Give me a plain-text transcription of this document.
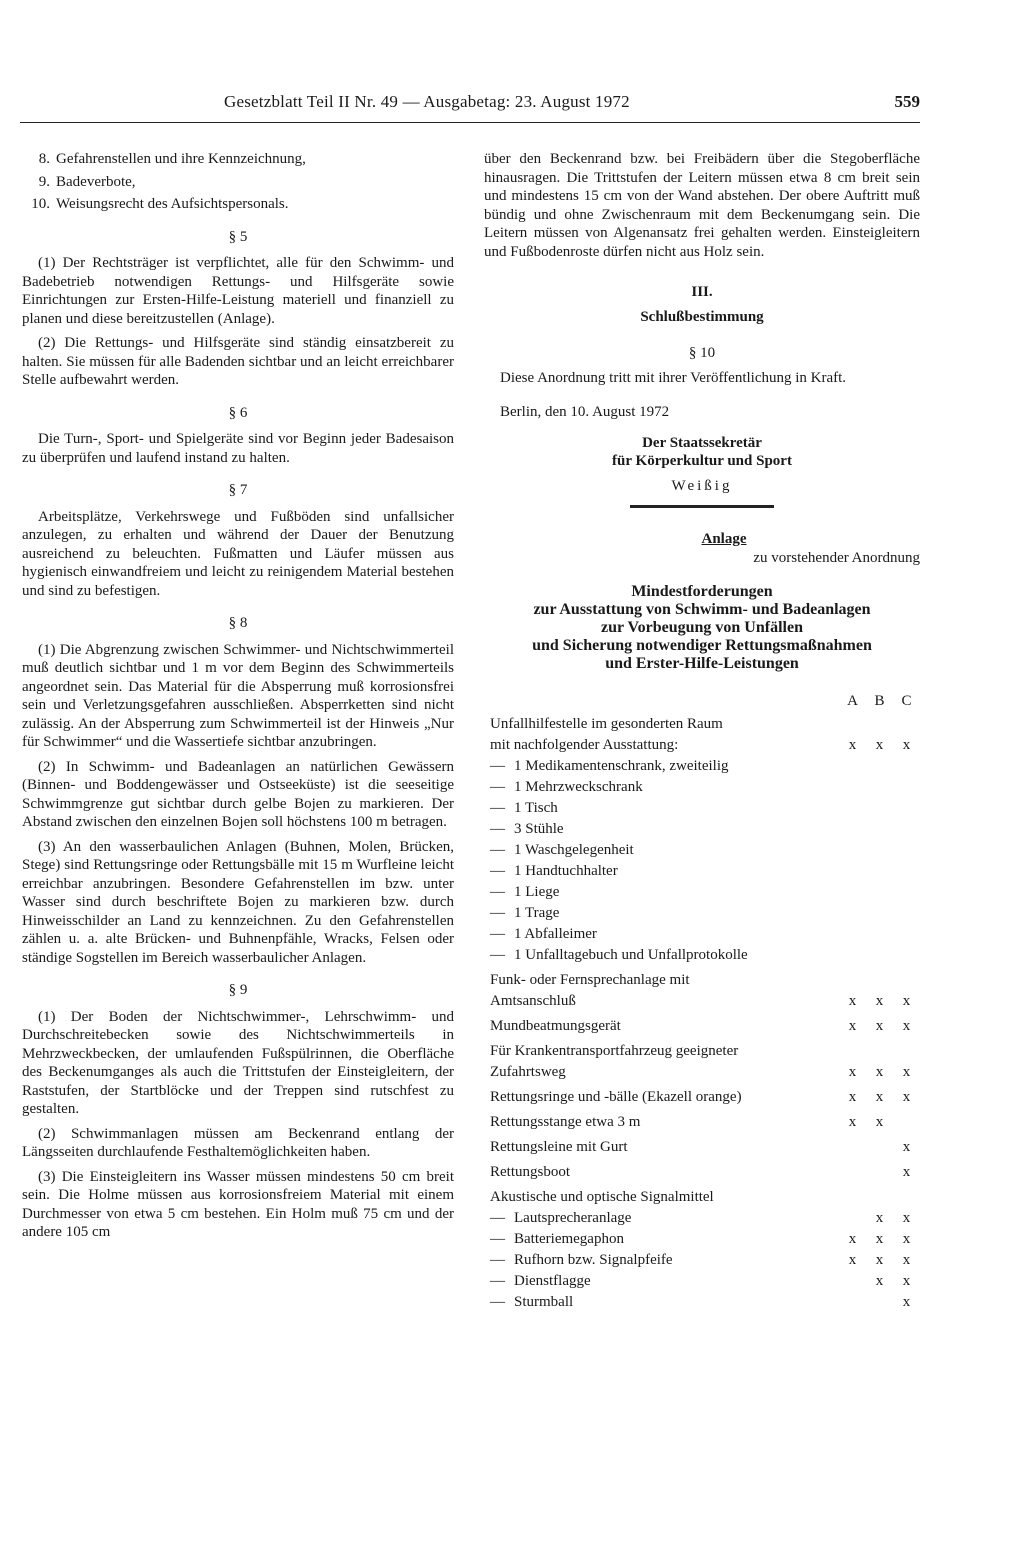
Gesetzblatt Teil II Nr. 49 — Ausgabetag: 23. August 1972	559
8. Gefahrenstellen und ihre Kennzeichnung,
9. Badeverbote,
10. Weisungsrecht des Aufsichtspersonals.
§ 5

(1) Der Rechtsträger ist verpflichtet, alle für den Schwimm- und Badebetrieb notwendigen Rettungs- und Hilfsgeräte sowie Einrichtungen zur Ersten-Hilfe-Leistung materiell und finanziell zu planen und diese bereitzustellen (Anlage).

(2) Die Rettungs- und Hilfsgeräte sind ständig einsatzbereit zu halten. Sie müssen für alle Badenden sichtbar und an leicht erreichbarer Stelle aufbewahrt werden.

§ 6

Die Turn-, Sport- und Spielgeräte sind vor Beginn jeder Badesaison zu überprüfen und laufend instand zu halten.

§ 7

Arbeitsplätze, Verkehrswege und Fußböden sind unfallsicher anzulegen, zu erhalten und während der Dauer der Benutzung ausreichend zu beleuchten. Fußmatten und Läufer müssen aus hygienisch einwandfreiem und leicht zu reinigendem Material bestehen und sind zu befestigen.

§ 8

(1) Die Abgrenzung zwischen Schwimmer- und Nichtschwimmerteil muß deutlich sichtbar und 1 m vor dem Beginn des Schwimmerteils angeordnet sein. Das Material für die Absperrung muß korrosionsfrei sein und Verletzungsgefahren ausschließen. Absperrketten sind nicht zulässig. An der Absperrung zum Schwimmerteil ist der Hinweis „Nur für Schwimmer“ und die Wassertiefe sichtbar anzubringen.

(2) In Schwimm- und Badeanlagen an natürlichen Gewässern (Binnen- und Boddengewässer und Ostseeküste) ist die seeseitige Schwimmgrenze gut sichtbar durch gelbe Bojen zu markieren. Der Abstand zwischen den einzelnen Bojen soll höchstens 100 m betragen.

(3) An den wasserbaulichen Anlagen (Buhnen, Molen, Brücken, Stege) sind Rettungsringe oder Rettungsbälle mit 15 m Wurfleine leicht erreichbar anzubringen. Besondere Gefahrenstellen im bzw. unter Wasser sind durch beschriftete Bojen zu markieren bzw. durch Hinweisschilder an Land zu kennzeichnen. Zu den Gefahrenstellen zählen u. a. alte Brücken- und Buhnenpfähle, Wracks, Felsen oder ständige Sogstellen im Bereich wasserbaulicher Anlagen.

§ 9

(1) Der Boden der Nichtschwimmer-, Lehrschwimm- und Durchschreitebecken sowie des Nichtschwimmerteils in Mehrzweckbecken, der umlaufenden Fußspülrinnen, die Oberfläche des Beckenumganges als auch die Trittstufen der Einsteigleitern, der Raststufen, der Startblöcke und der Treppen sind rutschfest zu gestalten.

(2) Schwimmanlagen müssen am Beckenrand entlang der Längsseiten durchlaufende Festhaltemöglichkeiten haben.

(3) Die Einsteigleitern ins Wasser müssen mindestens 50 cm breit sein. Die Holme müssen aus korrosionsfreiem Material mit einem Durchmesser von etwa 5 cm bestehen. Ein Holm muß 75 cm und der andere 105 cm

über den Beckenrand bzw. bei Freibädern über die Stegoberfläche hinausragen. Die Trittstufen der Leitern müssen etwa 8 cm breit sein und mindestens 15 cm von der Wand abstehen. Der obere Auftritt muß bündig und ohne Zwischenraum mit dem Beckenumgang sein. Die Leitern müssen von Algenansatz frei gehalten werden. Einsteigleitern und Fußbodenroste dürfen nicht aus Holz sein.

III.
Schlußbestimmung
§ 10

Diese Anordnung tritt mit ihrer Veröffentlichung in Kraft.

Berlin, den 10. August 1972

Der Staatssekretär
für Körperkultur und Sport
Weißig
Anlage
zu vorstehender Anordnung
Mindestforderungen
zur Ausstattung von Schwimm- und Badeanlagen
zur Vorbeugung von Unfällen
und Sicherung notwendiger Rettungsmaßnahmen
und Erster-Hilfe-Leistungen
	A	B	C

Unfallhilfestelle im gesonderten Raum
mit nachfolgender Ausstattung:	x	x	x
— 1 Medikamentenschrank, zweiteilig			
— 1 Mehrzweckschrank			
— 1 Tisch			
— 3 Stühle			
— 1 Waschgelegenheit			
— 1 Handtuchhalter			
— 1 Liege			
— 1 Trage			
— 1 Abfalleimer			
— 1 Unfalltagebuch und Unfallprotokolle			

Funk- oder Fernsprechanlage mit
Amtsanschluß	x	x	x
Mundbeatmungsgerät	x	x	x

Für Krankentransportfahrzeug geeigneter
Zufahrtsweg	x	x	x
Rettungsringe und -bälle (Ekazell orange)	x	x	x
Rettungsstange etwa 3 m	x	x	
Rettungsleine mit Gurt			x
Rettungsboot			x
Akustische und optische Signalmittel			
— Lautsprecheranlage		x	x
— Batteriemegaphon	x	x	x
— Rufhorn bzw. Signalpfeife	x	x	x
— Dienstflagge		x	x
— Sturmball			x
